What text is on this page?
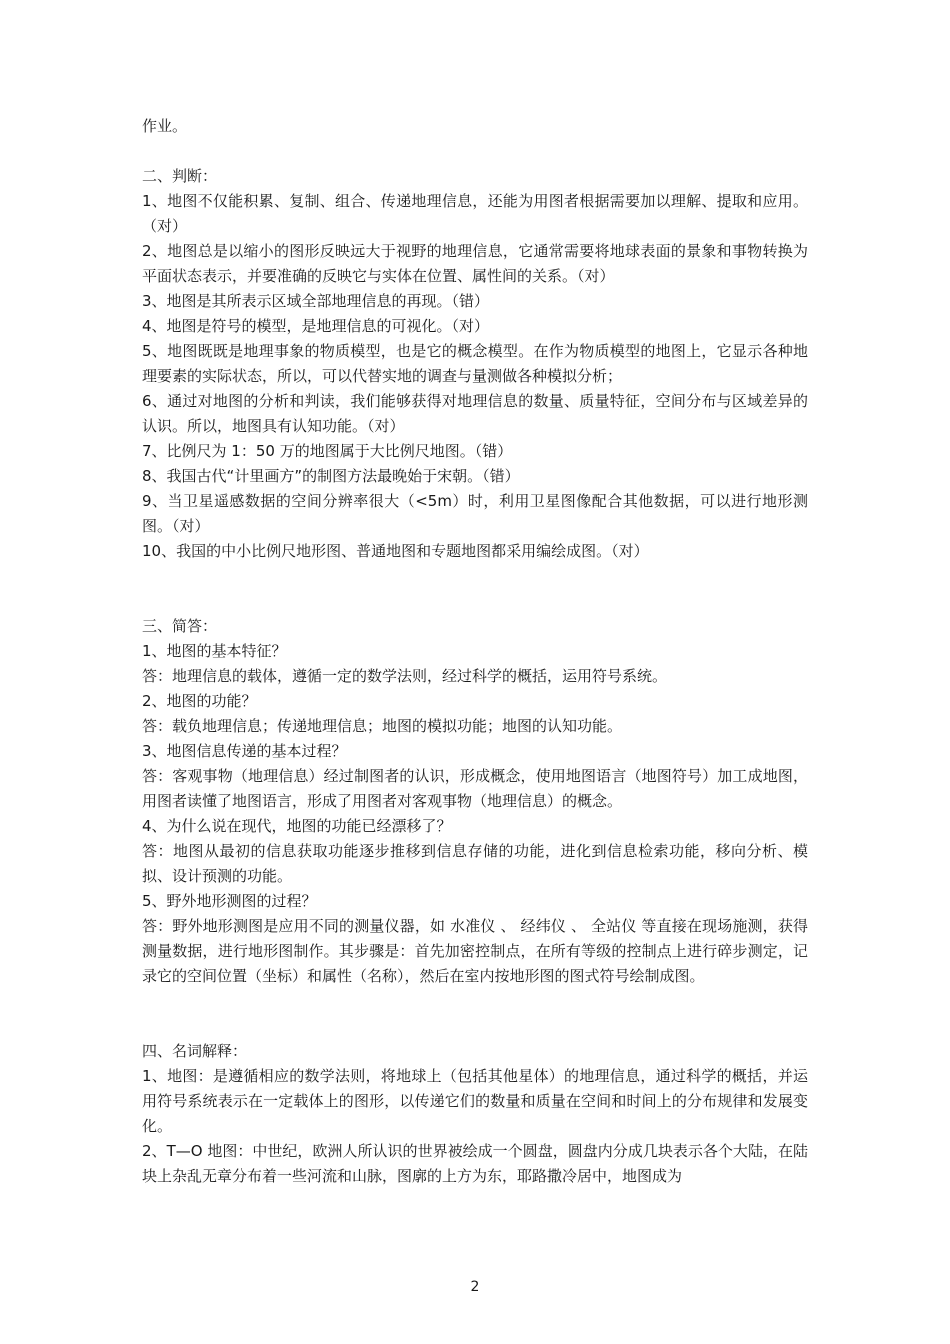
作业。

二、判断：

1、地图不仅能积累、复制、组合、传递地理信息，还能为用图者根据需要加以理解、提取和应用。（对）

2、地图总是以缩小的图形反映远大于视野的地理信息，它通常需要将地球表面的景象和事物转换为平面状态表示，并要准确的反映它与实体在位置、属性间的关系。（对）

3、地图是其所表示区域全部地理信息的再现。（错）

4、地图是符号的模型，是地理信息的可视化。（对）

5、地图既既是地理事象的物质模型，也是它的概念模型。在作为物质模型的地图上，它显示各种地理要素的实际状态，所以，可以代替实地的调查与量测做各种模拟分析；

6、通过对地图的分析和判读，我们能够获得对地理信息的数量、质量特征，空间分布与区域差异的认识。所以，地图具有认知功能。（对）

7、比例尺为 1：50 万的地图属于大比例尺地图。（错）

8、我国古代“计里画方”的制图方法最晚始于宋朝。（错）

9、当卫星遥感数据的空间分辨率很大（<5m）时，利用卫星图像配合其他数据，可以进行地形测图。（对）

10、我国的中小比例尺地形图、普通地图和专题地图都采用编绘成图。（对）

三、简答：

1、地图的基本特征？

答：地理信息的载体，遵循一定的数学法则，经过科学的概括，运用符号系统。

2、地图的功能？

答：载负地理信息；传递地理信息；地图的模拟功能；地图的认知功能。

3、地图信息传递的基本过程？

答：客观事物（地理信息）经过制图者的认识，形成概念，使用地图语言（地图符号）加工成地图，用图者读懂了地图语言，形成了用图者对客观事物（地理信息）的概念。

4、为什么说在现代，地图的功能已经漂移了？

答：地图从最初的信息获取功能逐步推移到信息存储的功能，进化到信息检索功能，移向分析、模拟、设计预测的功能。

5、野外地形测图的过程？

答：野外地形测图是应用不同的测量仪器，如 水准仪 、 经纬仪 、 全站仪 等直接在现场施测，获得测量数据，进行地形图制作。其步骤是：首先加密控制点，在所有等级的控制点上进行碎步测定，记录它的空间位置（坐标）和属性（名称），然后在室内按地形图的图式符号绘制成图。

四、名词解释：

1、地图：是遵循相应的数学法则，将地球上（包括其他星体）的地理信息，通过科学的概括，并运用符号系统表示在一定载体上的图形，以传递它们的数量和质量在空间和时间上的分布规律和发展变化。

2、T—O 地图：中世纪，欧洲人所认识的世界被绘成一个圆盘，圆盘内分成几块表示各个大陆，在陆块上杂乱无章分布着一些河流和山脉，图廓的上方为东，耶路撒冷居中，地图成为

2
